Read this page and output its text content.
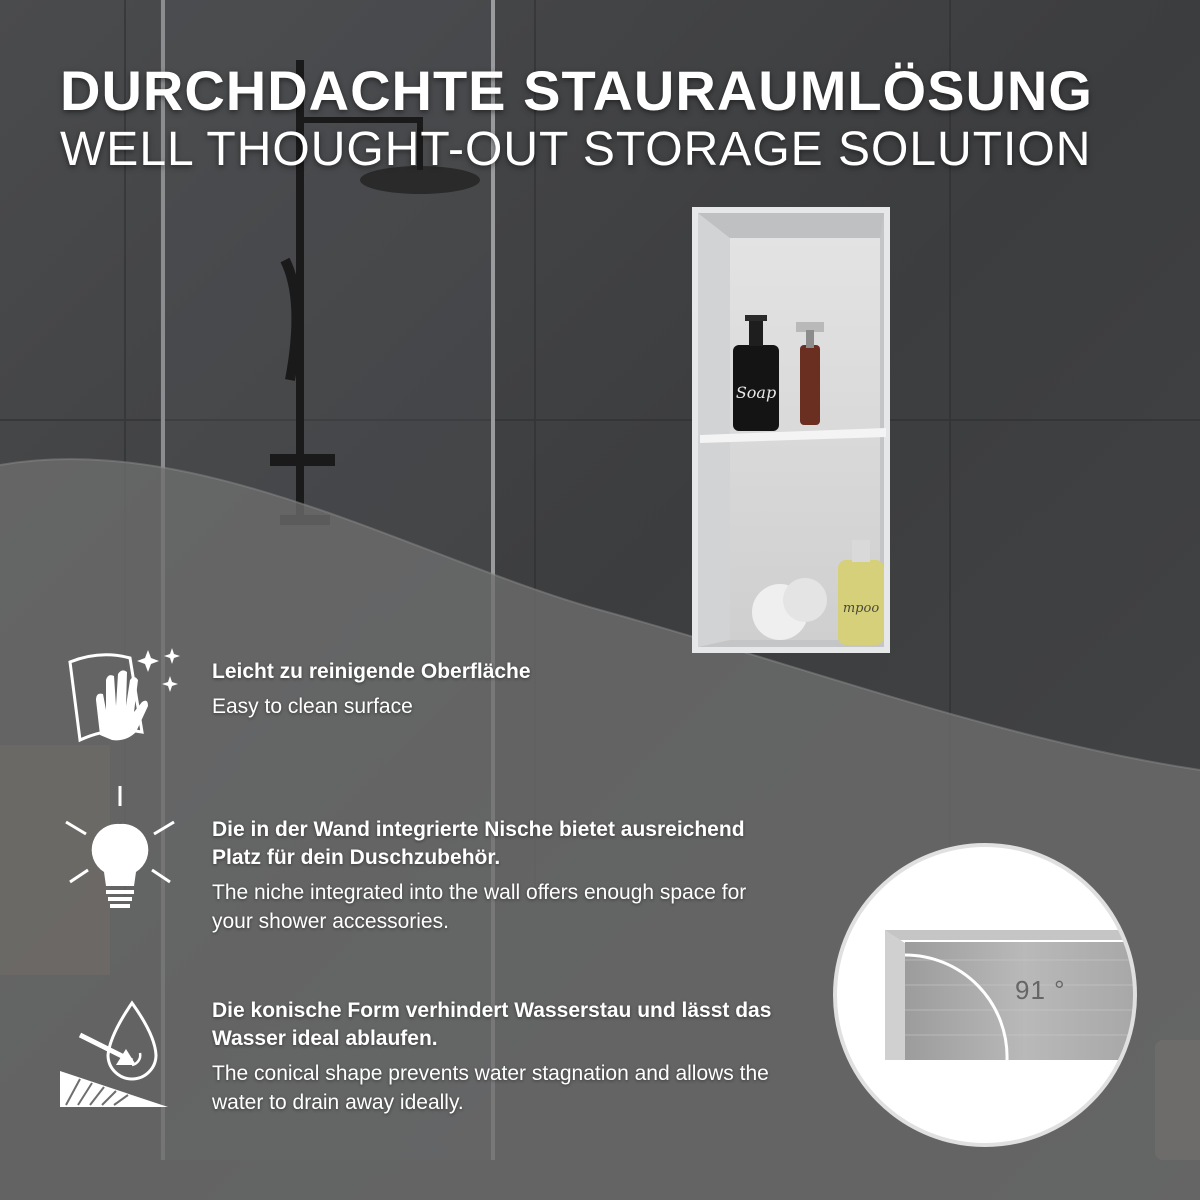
Soap
mpoo
DURCHDACHTE STAURAUMLÖSUNG
WELL THOUGHT-OUT STORAGE SOLUTION
Leicht zu reinigende Oberfläche
Easy to clean surface
Die in der Wand integrierte Nische bietet ausreichend Platz für dein Duschzubehör.
The niche integrated into the wall offers enough space for your shower accessories.
Die konische Form verhindert Wasserstau und lässt das Wasser ideal ablaufen.
The conical shape prevents water stagnation and allows the water to drain away ideally.
91 °
